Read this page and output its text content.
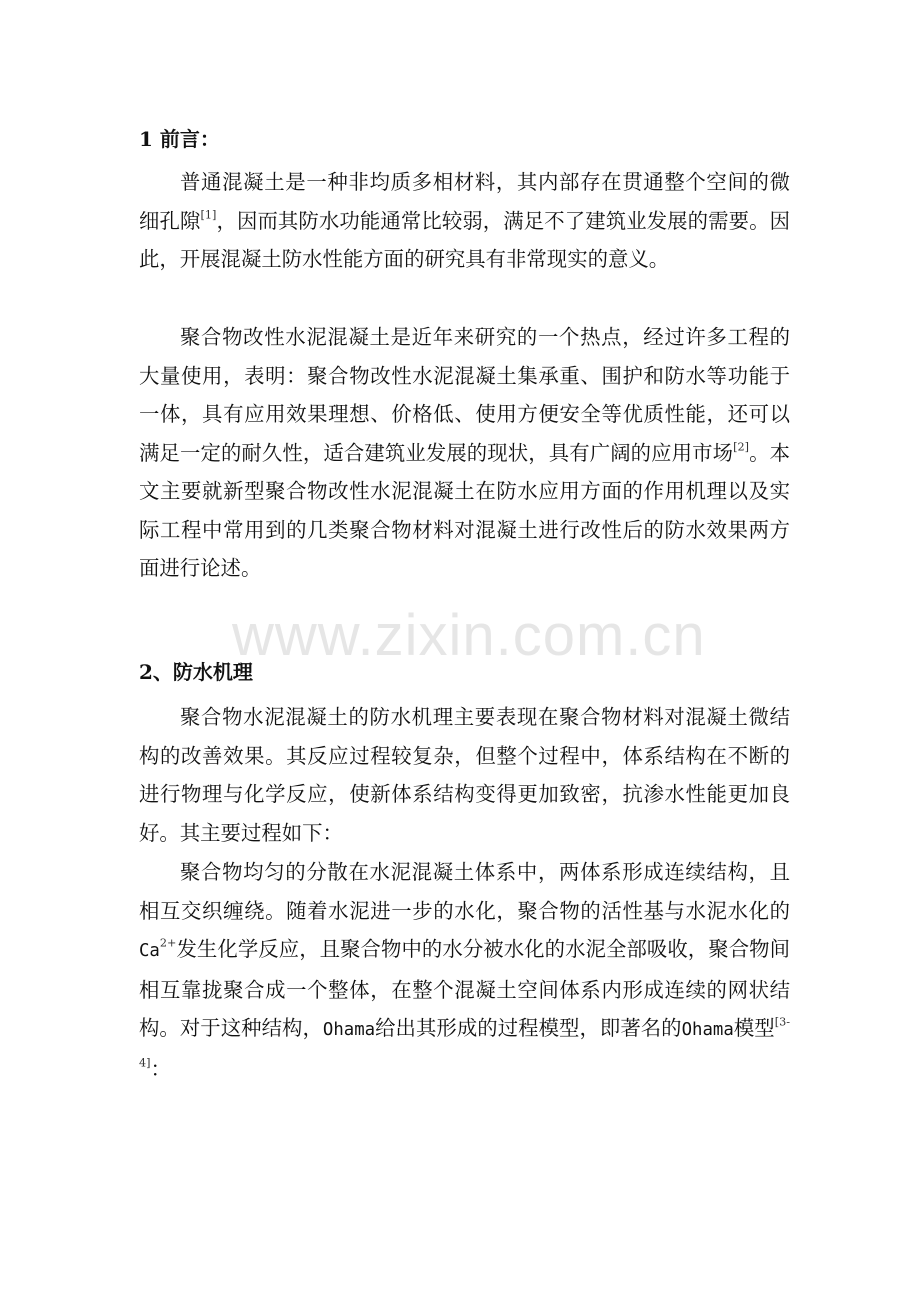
1 前言：

普通混凝土是一种非均质多相材料，其内部存在贯通整个空间的微细孔隙[1]，因而其防水功能通常比较弱，满足不了建筑业发展的需要。因此，开展混凝土防水性能方面的研究具有非常现实的意义。

聚合物改性水泥混凝土是近年来研究的一个热点，经过许多工程的大量使用，表明：聚合物改性水泥混凝土集承重、围护和防水等功能于一体，具有应用效果理想、价格低、使用方便安全等优质性能，还可以满足一定的耐久性，适合建筑业发展的现状，具有广阔的应用市场[2]。本文主要就新型聚合物改性水泥混凝土在防水应用方面的作用机理以及实际工程中常用到的几类聚合物材料对混凝土进行改性后的防水效果两方面进行论述。

2、防水机理

聚合物水泥混凝土的防水机理主要表现在聚合物材料对混凝土微结构的改善效果。其反应过程较复杂，但整个过程中，体系结构在不断的进行物理与化学反应，使新体系结构变得更加致密，抗渗水性能更加良好。其主要过程如下：

聚合物均匀的分散在水泥混凝土体系中，两体系形成连续结构，且相互交织缠绕。随着水泥进一步的水化，聚合物的活性基与水泥水化的$Ca^{2+}$发生化学反应，且聚合物中的水分被水化的水泥全部吸收，聚合物间相互靠拢聚合成一个整体，在整个混凝土空间体系内形成连续的网状结构。对于这种结构，Ohama给出其形成的过程模型，即著名的Ohama模型[3-4]：

www.zixin.com.cn
